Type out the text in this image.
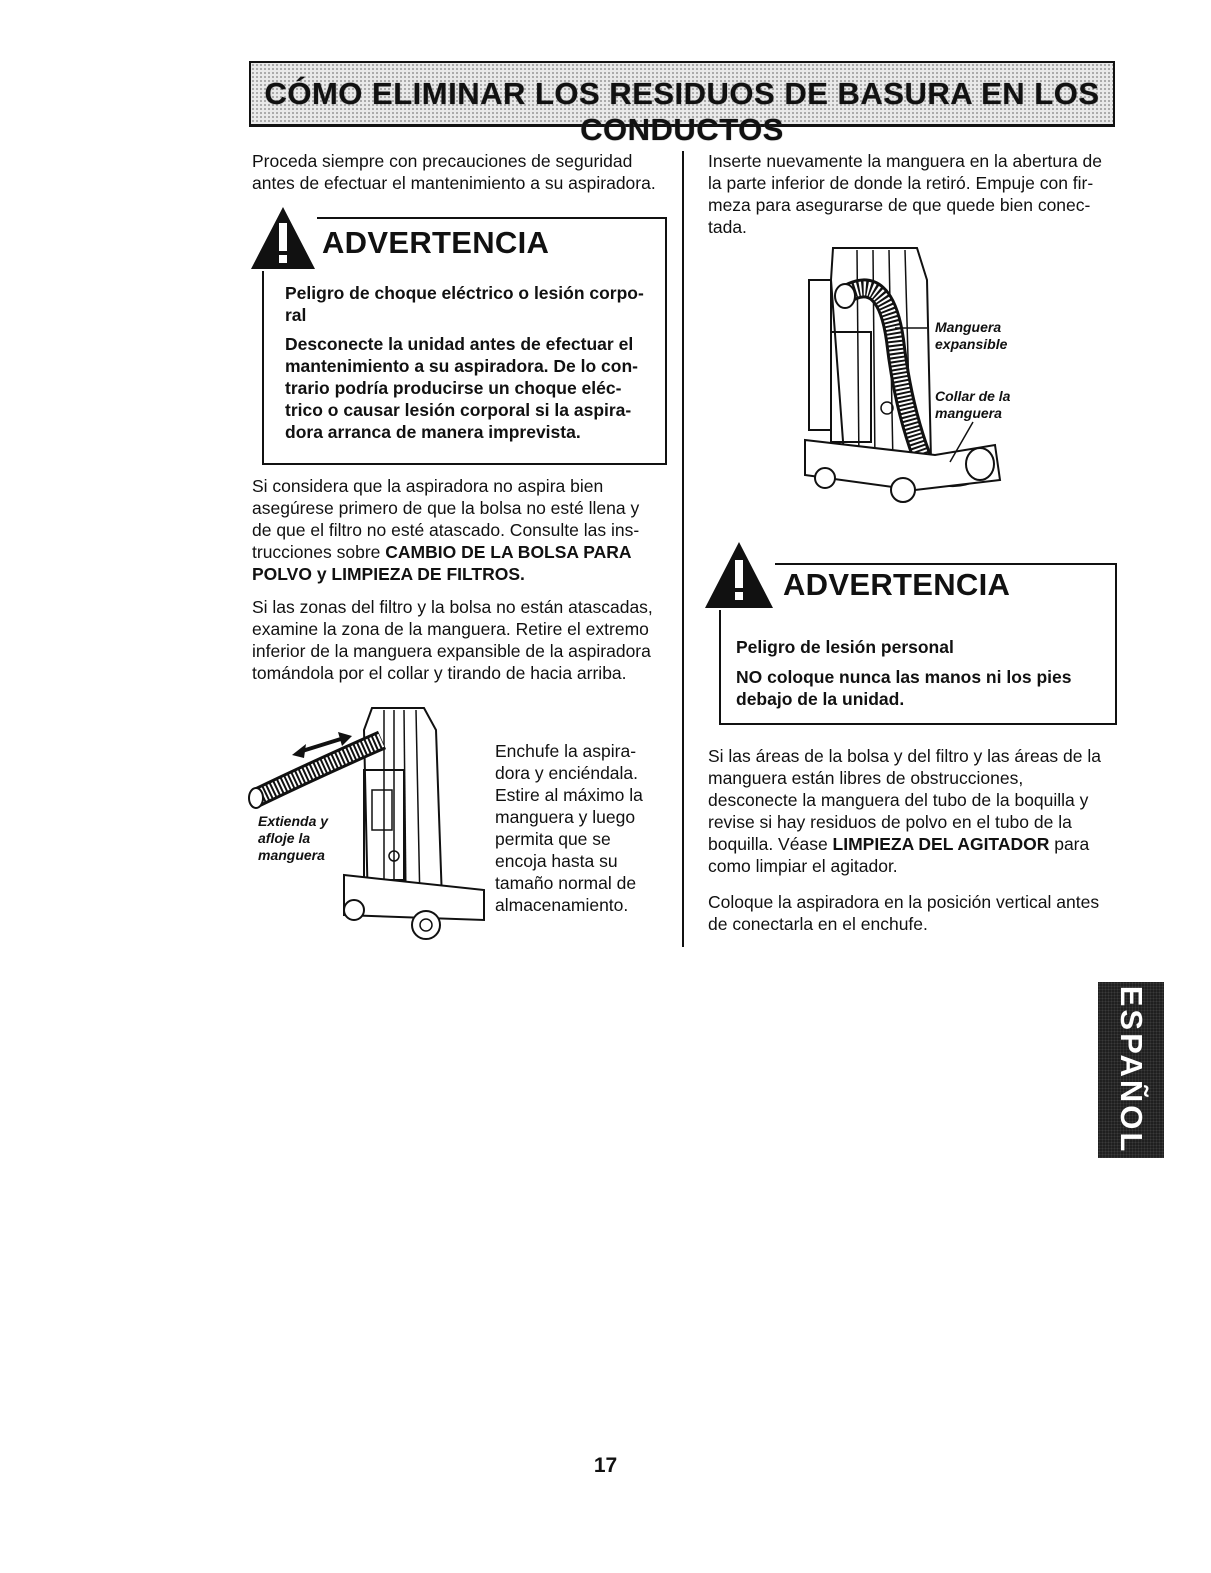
CÓMO ELIMINAR LOS RESIDUOS DE BASURA EN LOS CONDUCTOS
Proceda siempre con precauciones de seguridad
antes de efectuar el mantenimiento a su aspiradora.
ADVERTENCIA
Peligro de choque eléctrico o lesión corpo-
ral
Desconecte la unidad antes de efectuar el
mantenimiento a su aspiradora. De lo con-
trario podría producirse un choque eléc-
trico o causar lesión corporal si la aspira-
dora arranca de manera imprevista.
Si considera que la aspiradora no aspira bien
asegúrese primero de que la bolsa no esté llena y
de que el filtro no esté atascado. Consulte las ins-
trucciones sobre CAMBIO DE LA BOLSA PARA
POLVO y LIMPIEZA DE FILTROS.
Si las zonas del filtro y la bolsa no están atascadas,
examine la zona de la manguera. Retire el extremo
inferior de la manguera expansible de la aspiradora
tomándola por el collar y tirando de hacia arriba.
Extienda y
afloje la
manguera
Enchufe la aspira-
dora y enciéndala.
Estire al máximo la
manguera y luego
permita que se
encoja hasta su
tamaño normal de
almacenamiento.
Inserte nuevamente la manguera en la abertura de
la parte inferior de donde la retiró. Empuje con fir-
meza para asegurarse de que quede bien conec-
tada.
Manguera
expansible
Collar de la
manguera
ADVERTENCIA
Peligro de lesión personal
NO coloque nunca las manos ni los pies
debajo de la unidad.
Si las áreas de la bolsa y del filtro y las áreas de la
manguera están libres de obstrucciones,
desconecte la manguera del tubo de la boquilla y
revise si hay residuos de polvo en el tubo de la
boquilla. Véase LIMPIEZA DEL AGITADOR para
como limpiar el agitador.
Coloque la aspiradora en la posición vertical antes
de conectarla en el enchufe.
ESPAÑOL
17
